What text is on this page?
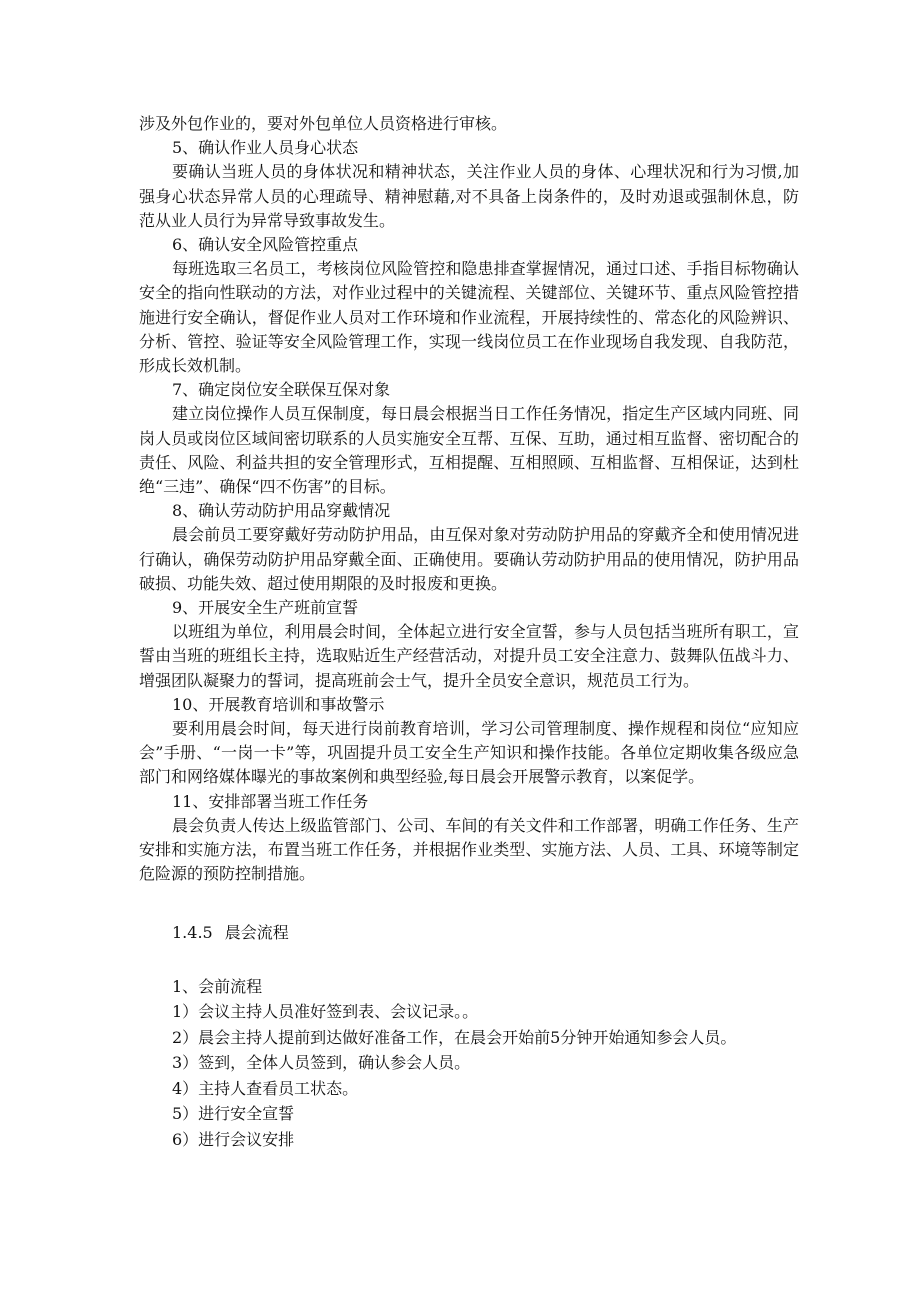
涉及外包作业的，要对外包单位人员资格进行审核。

5、确认作业人员身心状态

要确认当班人员的身体状况和精神状态，关注作业人员的身体、心理状况和行为习惯,加强身心状态异常人员的心理疏导、精神慰藉,对不具备上岗条件的，及时劝退或强制休息，防范从业人员行为异常导致事故发生。

6、确认安全风险管控重点

每班选取三名员工，考核岗位风险管控和隐患排查掌握情况，通过口述、手指目标物确认安全的指向性联动的方法，对作业过程中的关键流程、关键部位、关键环节、重点风险管控措施进行安全确认，督促作业人员对工作环境和作业流程，开展持续性的、常态化的风险辨识、分析、管控、验证等安全风险管理工作，实现一线岗位员工在作业现场自我发现、自我防范，形成长效机制。

7、确定岗位安全联保互保对象

建立岗位操作人员互保制度，每日晨会根据当日工作任务情况，指定生产区域内同班、同岗人员或岗位区域间密切联系的人员实施安全互帮、互保、互助，通过相互监督、密切配合的责任、风险、利益共担的安全管理形式，互相提醒、互相照顾、互相监督、互相保证，达到杜绝“三违”、确保“四不伤害”的目标。

8、确认劳动防护用品穿戴情况

晨会前员工要穿戴好劳动防护用品，由互保对象对劳动防护用品的穿戴齐全和使用情况进行确认，确保劳动防护用品穿戴全面、正确使用。要确认劳动防护用品的使用情况，防护用品破损、功能失效、超过使用期限的及时报废和更换。

9、开展安全生产班前宣誓

以班组为单位，利用晨会时间，全体起立进行安全宣誓，参与人员包括当班所有职工，宣誓由当班的班组长主持，选取贴近生产经营活动，对提升员工安全注意力、鼓舞队伍战斗力、增强团队凝聚力的誓词，提高班前会士气，提升全员安全意识，规范员工行为。

10、开展教育培训和事故警示

要利用晨会时间，每天进行岗前教育培训，学习公司管理制度、操作规程和岗位“应知应会”手册、“一岗一卡”等，巩固提升员工安全生产知识和操作技能。各单位定期收集各级应急部门和网络媒体曝光的事故案例和典型经验,每日晨会开展警示教育，以案促学。

11、安排部署当班工作任务

晨会负责人传达上级监管部门、公司、车间的有关文件和工作部署，明确工作任务、生产安排和实施方法，布置当班工作任务，并根据作业类型、实施方法、人员、工具、环境等制定危险源的预防控制措施。

1.4.5 晨会流程

1、会前流程

1）会议主持人员准好签到表、会议记录。。

2）晨会主持人提前到达做好准备工作，在晨会开始前5分钟开始通知参会人员。

3）签到，全体人员签到，确认参会人员。

4）主持人查看员工状态。

5）进行安全宣誓

6）进行会议安排
